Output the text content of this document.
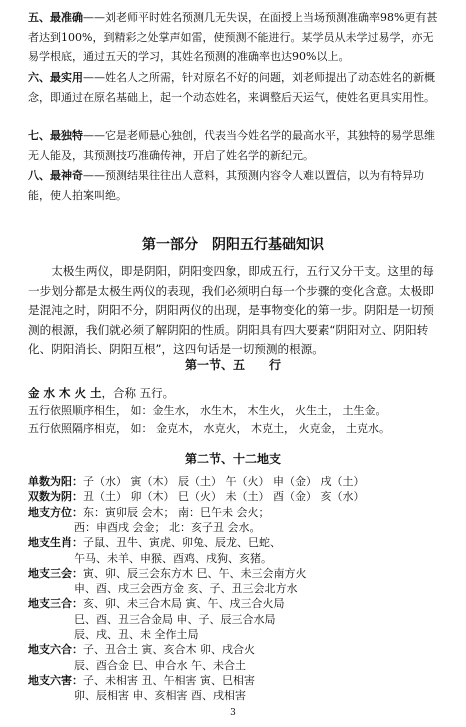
五、最准确——刘老师平时姓名预测几无失误，在面授上当场预测准确率98%更有甚者达到100%，到精彩之处掌声如雷，使预测不能进行。某学员从未学过易学，亦无易学根底，通过五天的学习，其姓名预测的准确率也达90%以上。

六、最实用——姓名人之所需，针对原名不好的问题，刘老师提出了动态姓名的新概念，即通过在原名基础上，起一个动态姓名，来调整后天运气，使姓名更具实用性。

七、最独特——它是老师悬心独创，代表当今姓名学的最高水平，其独特的易学思维无人能及，其预测技巧准确传神，开启了姓名学的新纪元。

八、最神奇——预测结果往往出人意料，其预测内容令人难以置信，以为有特异功能，使人拍案叫绝。

第一部分　阴阳五行基础知识

太极生两仪，即是阴阳，阴阳变四象，即成五行，五行又分干支。这里的每一步划分都是太极生两仪的表现，我们必须明白每一个步骤的变化含意。太极即是混沌之时，阴阳不分，阴阳两仪的出现，是事物变化的第一步。阴阳是一切预测的根源，我们就必须了解阴阳的性质。阴阳具有四大要素“阴阳对立、阴阳转化、阴阳消长、阴阳互根”，这四句话是一切预测的根源。

第一节、五　　行
金 水 木 火 土，合称 五行。
五行依照顺序相生， 如：金生水， 水生木， 木生火， 火生土， 土生金。
五行依照隔序相克， 如： 金克木， 水克火， 木克土， 火克金， 土克水。
第二节、十二地支
单数为阳：子（水） 寅（木） 辰（土） 午（火） 申（金） 戌（土）
双数为阴：丑（土） 卯（木） 巳（火） 未（土） 酉（金） 亥（水）
地支方位：东：寅卯辰 会木； 南：巳午未 会火；
西：申酉戌 会金； 北：亥子丑 会水。
地支生肖：子鼠、丑牛、寅虎、卯兔、辰龙、巳蛇、
午马、未羊、申猴、酉鸡、戌狗、亥猪。
地支三会：寅、卯、辰三会东方木 巳、午、未三会南方火
申、酉、戌三会西方金 亥、子、丑三会北方水
地支三合：亥、卯、未三合木局 寅、午、戌三合火局
巳、酉、丑三合金局 申、子、辰三合水局
辰、戌、丑、未 全作土局
地支六合：子、丑合土 寅、亥合木 卯、戌合火
辰、酉合金 巳、申合水 午、未合土
地支六害：子、未相害 丑、午相害 寅、巳相害
卯、辰相害 申、亥相害 酉、戌相害
3
